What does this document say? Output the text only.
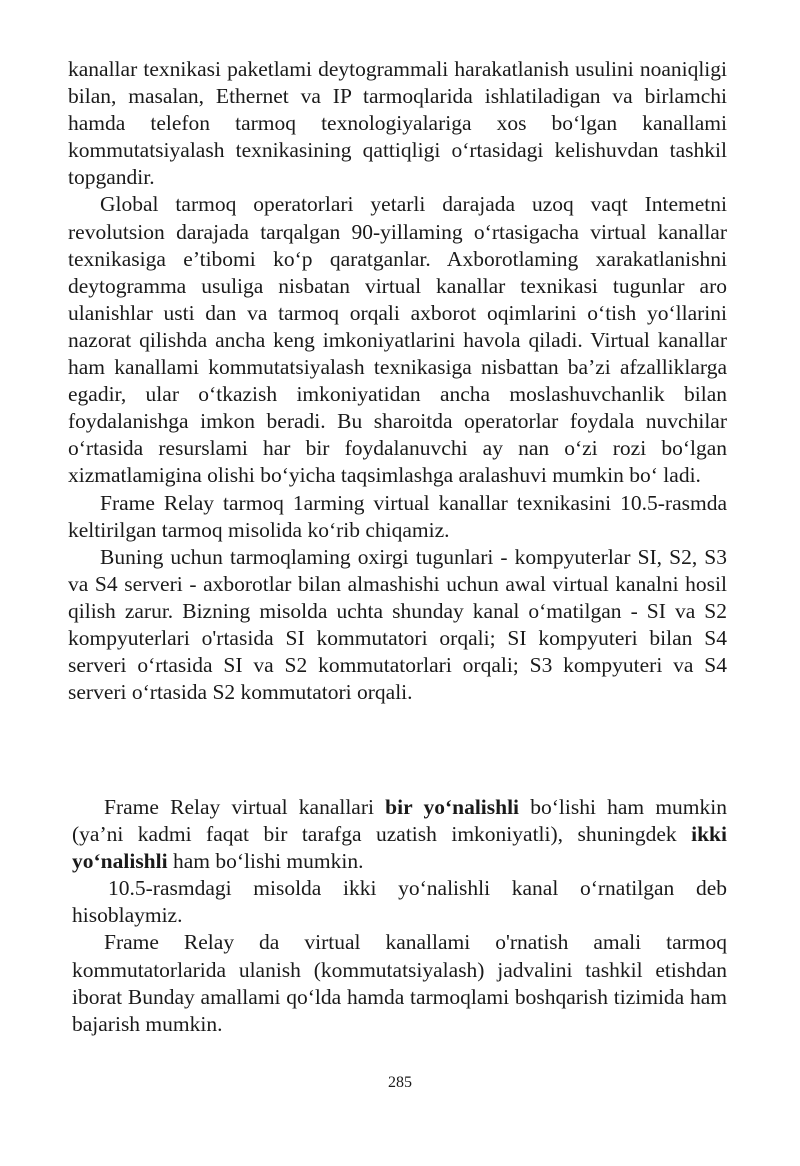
kanallar texnikasi paketlami deytogrammali harakatlanish usulini noaniqligi bilan, masalan, Ethernet va IP tarmoqlarida ishlatiladigan va birlamchi hamda telefon tarmoq texnologiyalariga xos bo‘lgan kanallami kommutatsiyalash texnikasining qattiqligi o‘rtasidagi kelishuvdan tashkil topgandir.

Global tarmoq operatorlari yetarli darajada uzoq vaqt Intemetni revolutsion darajada tarqalgan 90-yillaming o‘rtasigacha virtual kanallar texnikasiga e’tibomi ko‘p qaratganlar. Axborotlaming xarakatlanishni deytogramma usuliga nisbatan virtual kanallar texnikasi tugunlar aro ulanishlar usti dan va tarmoq orqali axborot oqimlarini o‘tish yo‘llarini nazorat qilishda ancha keng imkoniyatlarini havola qiladi. Virtual kanallar ham kanallami kommutatsiyalash texnikasiga nisbattan ba’zi afzalliklarga egadir, ular o‘tkazish imkoniyatidan ancha moslashuvchanlik bilan foydalanishga imkon beradi. Bu sharoitda operatorlar foydala nuvchilar o‘rtasida resurslami har bir foydalanuvchi ay nan o‘zi rozi bo‘lgan xizmatlamigina olishi bo‘yicha taqsimlashga aralashuvi mumkin bo‘ ladi.

Frame Relay tarmoq 1arming virtual kanallar texnikasini 10.5-rasmda keltirilgan tarmoq misolida ko‘rib chiqamiz.

Buning uchun tarmoqlaming oxirgi tugunlari - kompyuterlar SI, S2, S3 va S4 serveri - axborotlar bilan almashishi uchun awal virtual kanalni hosil qilish zarur. Bizning misolda uchta shunday kanal o‘matilgan - SI va S2 kompyuterlari o'rtasida SI kommutatori orqali; SI kompyuteri bilan S4 serveri o‘rtasida SI va S2 kommutatorlari orqali; S3 kompyuteri va S4 serveri o‘rtasida S2 kommutatori orqali.

Frame Relay virtual kanallari bir yo‘nalishli bo‘lishi ham mumkin (ya’ni kadmi faqat bir tarafga uzatish imkoniyatli), shuningdek ikki yo‘nalishli ham bo‘lishi mumkin.

10.5-rasmdagi misolda ikki yo‘nalishli kanal o‘rnatilgan deb hisoblaymiz.

Frame Relay da virtual kanallami o'rnatish amali tarmoq kommutatorlarida ulanish (kommutatsiyalash) jadvalini tashkil etishdan iborat Bunday amallami qo‘lda hamda tarmoqlami boshqarish tizimida ham bajarish mumkin.

285
